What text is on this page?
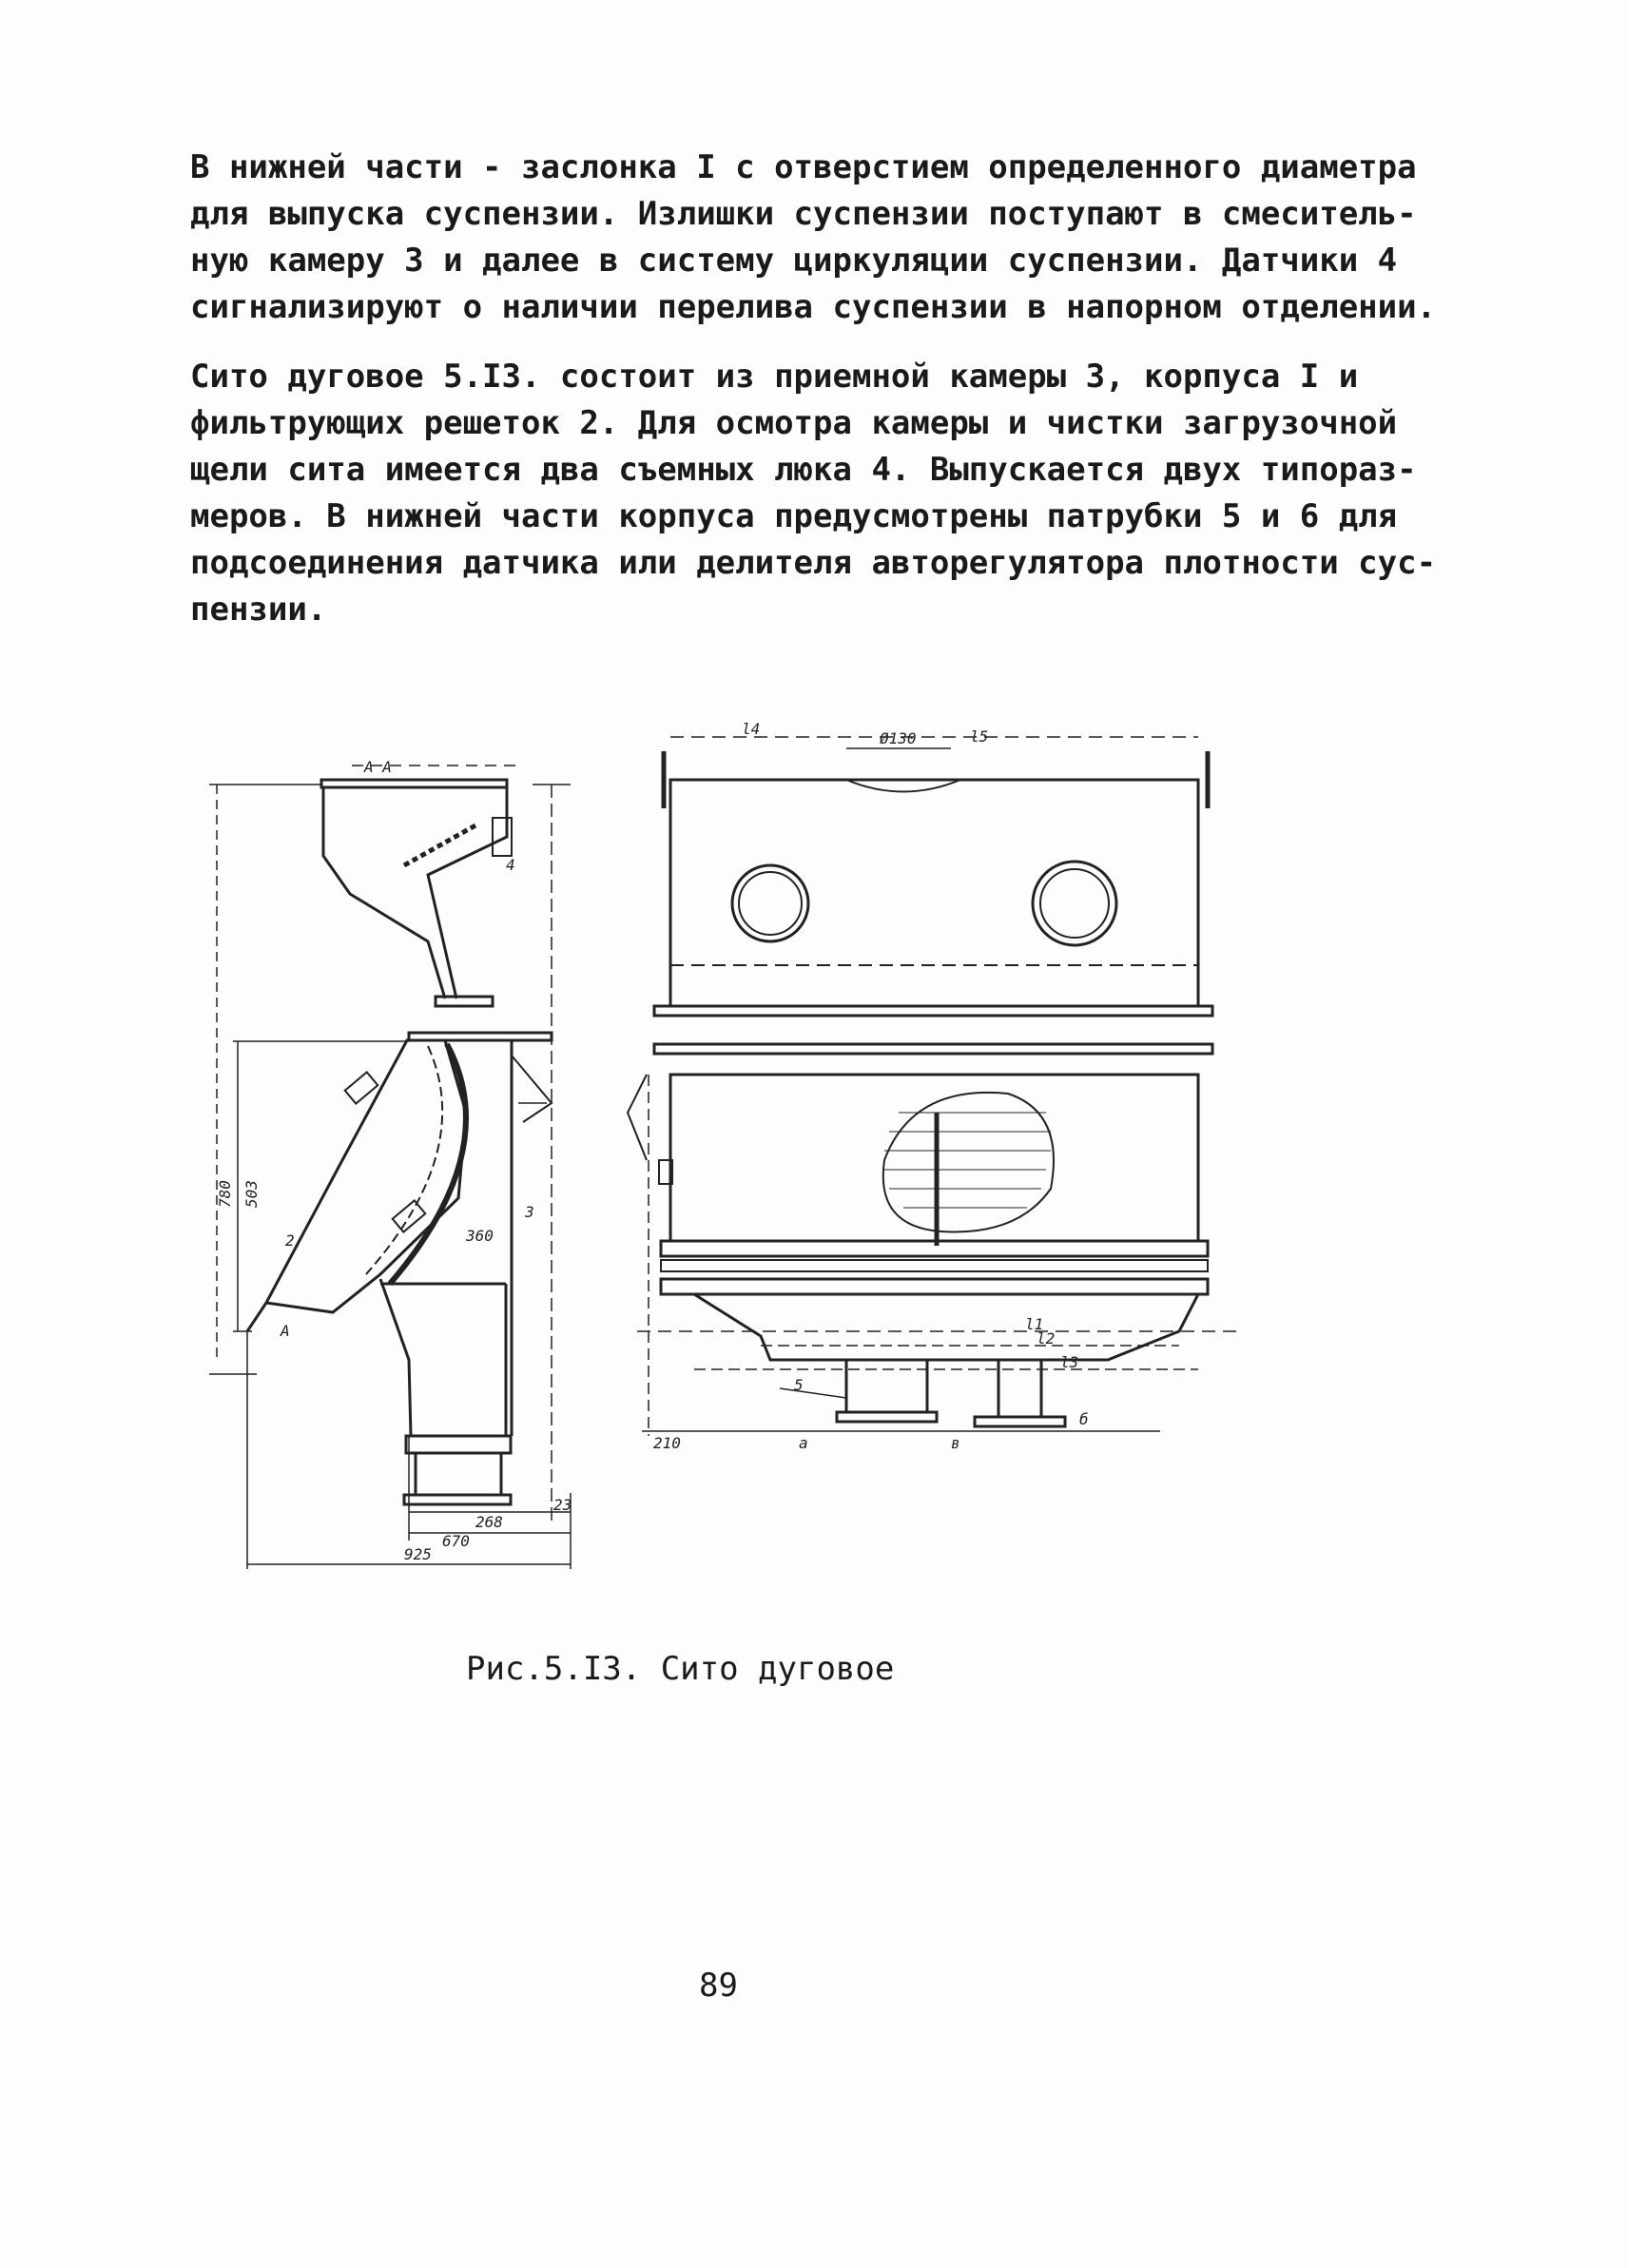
В нижней части - заслонка I с отверстием определенного диаметра
для выпуска суспензии. Излишки суспензии поступают в смеситель-
ную камеру 3 и далее в систему циркуляции суспензии. Датчики 4
сигнализируют о наличии перелива суспензии в напорном отделении.

Сито дуговое 5.I3. состоит из приемной камеры 3, корпуса I и
фильтрующих решеток 2. Для осмотра камеры и чистки загрузочной
щели сита имеется два съемных люка 4. Выпускается двух типораз-
меров. В нижней части корпуса предусмотрены патрубки 5 и 6 для
подсоединения датчика или делителя авторегулятора плотности сус-
пензии.

А А
4
360
3
2
A
268
670
925
23
780 503
Ø130
l4	l5
l1
l2
l3
210	a	в
5
б
Рис.5.I3. Сито дуговое
89
